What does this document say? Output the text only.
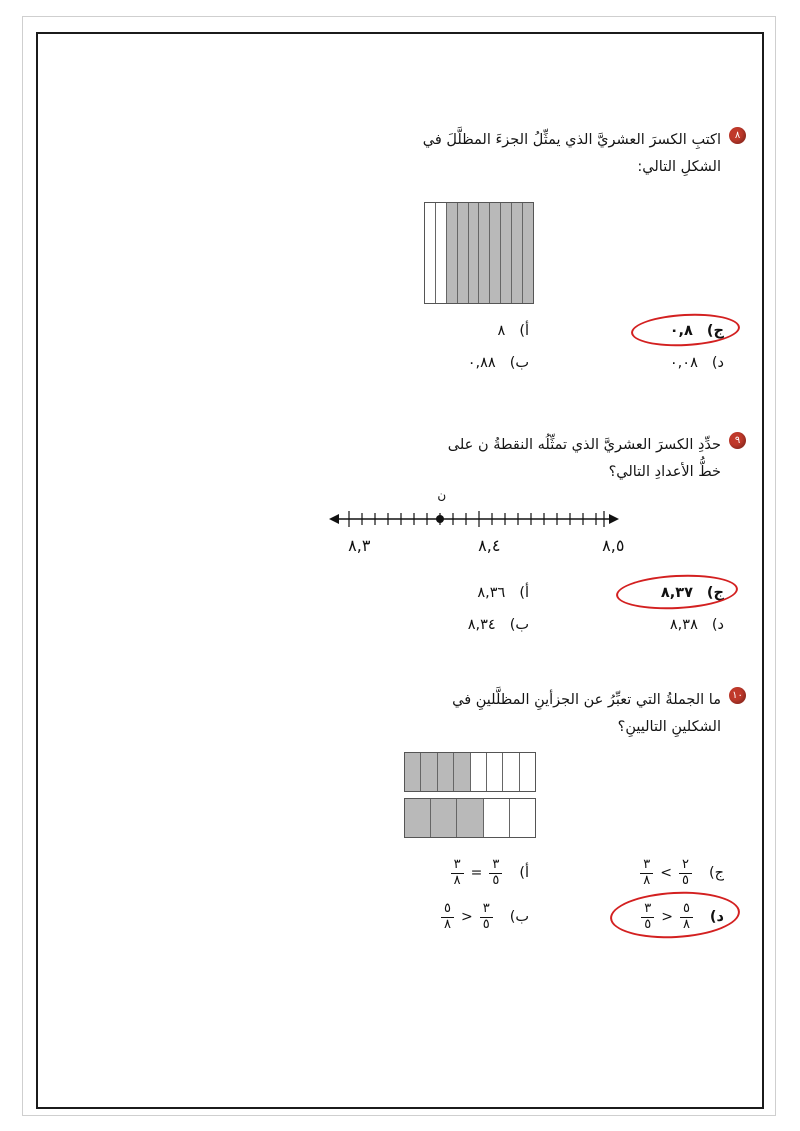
٨
اكتبِ الكسرَ العشريَّ الذي يمثِّلُ الجزءَ المظلَّلَ في الشكلِ التالي:
ج)
٠,٨
أ)
٨
د)
٠,٠٨
ب)
٠,٨٨
٩
حدِّدِ الكسرَ العشريَّ الذي تمثِّلُه النقطةُ ن على خطُّ الأعدادِ التالي؟
ن
٨,٣	٨,٤	٨,٥
ج)
٨,٣٧
أ)
٨,٣٦
د)
٨,٣٨
ب)
٨,٣٤
١٠
ما الجملةُ التي تعبِّرُ عن الجزأينِ المظلَّلينِ في الشكلينِ التاليينِ؟
ج)
$\frac{٣}{٨} > \frac{٢}{٥}$
أ)
$\frac{٣}{٨} = \frac{٣}{٥}$
د)
$\frac{٣}{٥} < \frac{٥}{٨}$
ب)
$\frac{٥}{٨} < \frac{٣}{٥}$
